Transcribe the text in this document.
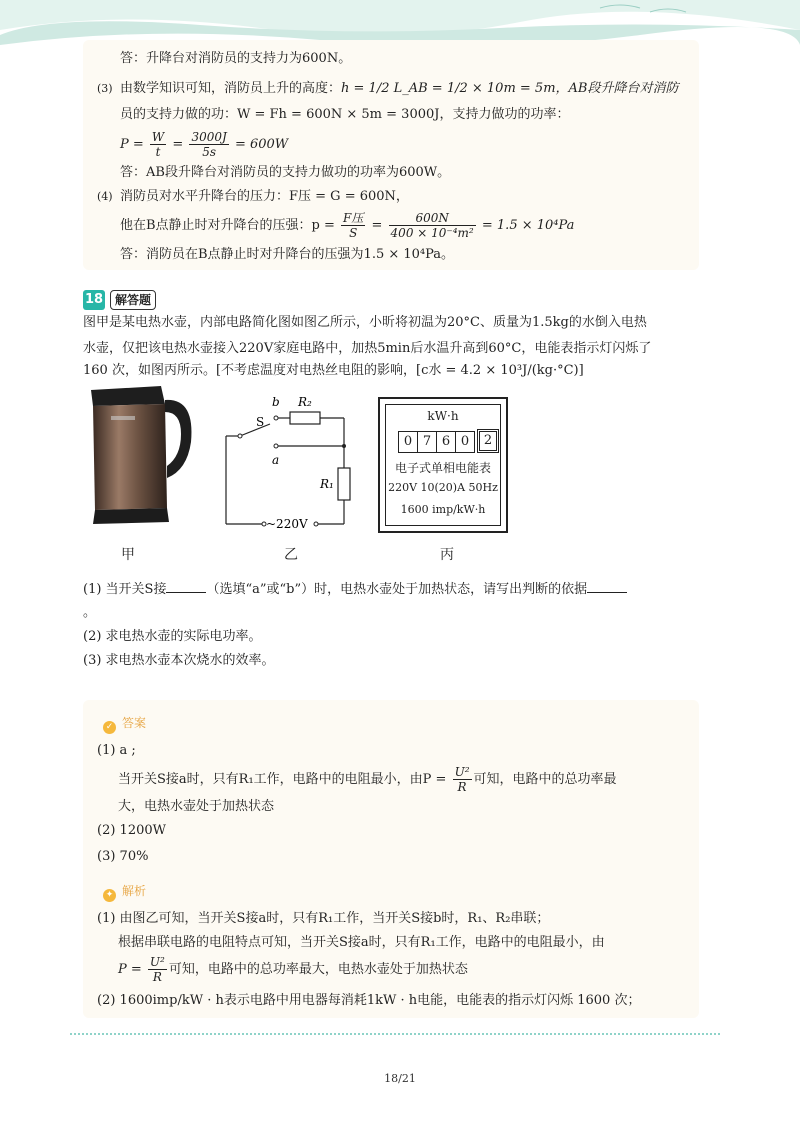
答：升降台对消防员的支持力为600N。
(3) 由数学知识可知，消防员上升的高度：h = 1/2 L_AB = 1/2 × 10m = 5m，AB段升降台对消防
员的支持力做的功：W = Fh = 600N × 5m = 3000J，支持力做功的功率：
$P = \frac{W}{t} = \frac{3000J}{5s} = 600W$
答：AB段升降台对消防员的支持力做功的功率为600W。
(4) 消防员对水平升降台的压力：F压 = G = 600N，
他在B点静止时对升降台的压强：$p = \frac{\text{F压}}{S} = \frac{600N}{\text{400 × 10⁻⁴m²}} = 1.5 \times 10^4Pa$
答：消防员在B点静止时对升降台的压强为1.5 × 10⁴Pa。
18 解答题
图甲是某电热水壶，内部电路简化图如图乙所示，小昕将初温为20°C、质量为1.5kg的水倒入电热
水壶，仅把该电热水壶接入220V家庭电路中，加热5min后水温升高到60°C，电能表指示灯闪烁了
160 次，如图丙所示。[不考虑温度对电热丝电阻的影响，[c水 = 4.2 × 10³J/(kg·°C)]
甲
b
a
S
R₂
R₁
~220V
乙
kW·h
0 7 6 0	2
电子式单相电能表
220V 10(20)A 50Hz
1600 imp/kW·h
丙
(1) 当开关S接	（选填“a”或“b”）时，电热水壶处于加热状态，请写出判断的依据
。
(2) 求电热水壶的实际电功率。
(3) 求电热水壶本次烧水的效率。
✓ 答案
(1) a ;
当开关S接a时，只有R₁工作，电路中的电阻最小，由$P = \frac{\text{U²}}{R}$ 可知，电路中的总功率最
大，电热水壶处于加热状态
(2) 1200W
(3) 70%
✦ 解析
(1) 由图乙可知，当开关S接a时，只有R₁工作，当开关S接b时，R₁、R₂串联；
根据串联电路的电阻特点可知，当开关S接a时，只有R₁工作，电路中的电阻最小，由
$P = \frac{\text{U²}}{R}$ 可知，电路中的总功率最大，电热水壶处于加热状态
(2) 1600imp/kW · h表示电路中用电器每消耗1kW · h电能，电能表的指示灯闪烁 1600 次；
18/21
